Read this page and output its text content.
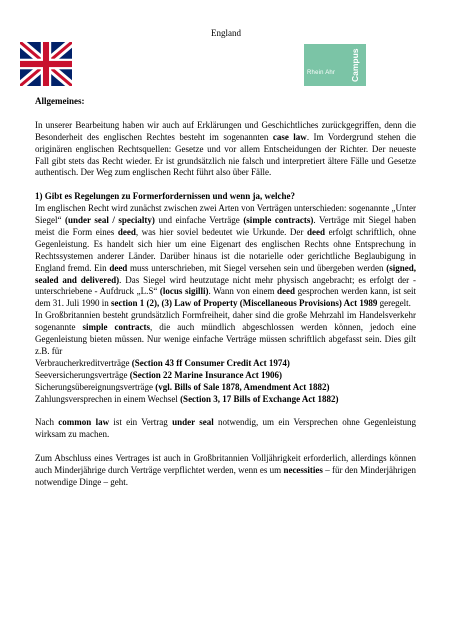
England
Rhein Ahr Campus

Allgemeines:

In unserer Bearbeitung haben wir auch auf Erklärungen und Geschichtliches zurückgegriffen, denn die Besonderheit des englischen Rechtes besteht im sogenannten case law. Im Vordergrund stehen die originären englischen Rechtsquellen: Gesetze und vor allem Entscheidungen der Richter. Der neueste Fall gibt stets das Recht wieder. Er ist grundsätzlich nie falsch und interpretiert ältere Fälle und Gesetze authentisch. Der Weg zum englischen Recht führt also über Fälle.

1) Gibt es Regelungen zu Formerfordernissen und wenn ja, welche?

Im englischen Recht wird zunächst zwischen zwei Arten von Verträgen unterschieden: sogenannte „Unter Siegel“ (under seal / specialty) und einfache Verträge (simple contracts). Verträge mit Siegel haben meist die Form eines deed, was hier soviel bedeutet wie Urkunde. Der deed erfolgt schriftlich, ohne Gegenleistung. Es handelt sich hier um eine Eigenart des englischen Rechts ohne Entsprechung in Rechtssystemen anderer Länder. Darüber hinaus ist die notarielle oder gerichtliche Beglaubigung in England fremd. Ein deed muss unterschrieben, mit Siegel versehen sein und übergeben werden (signed, sealed and delivered). Das Siegel wird heutzutage nicht mehr physisch angebracht; es erfolgt der - unterschriebene - Aufdruck „L.S“ (locus sigilli). Wann von einem deed gesprochen werden kann, ist seit dem 31. Juli 1990 in section 1 (2), (3) Law of Property (Miscellaneous Provisions) Act 1989 geregelt.

In Großbritannien besteht grundsätzlich Formfreiheit, daher sind die große Mehrzahl im Handelsverkehr sogenannte simple contracts, die auch mündlich abgeschlossen werden können, jedoch eine Gegenleistung bieten müssen. Nur wenige einfache Verträge müssen schriftlich abgefasst sein. Dies gilt z.B. für

Verbraucherkreditverträge (Section 43 ff Consumer Credit Act 1974)
Seeversicherungsverträge (Section 22 Marine Insurance Act 1906)
Sicherungsübereignungsverträge (vgl. Bills of Sale 1878, Amendment Act 1882)
Zahlungsversprechen in einem Wechsel (Section 3, 17 Bills of Exchange Act 1882)

Nach common law ist ein Vertrag under seal notwendig, um ein Versprechen ohne Gegenleistung wirksam zu machen.

Zum Abschluss eines Vertrages ist auch in Großbritannien Volljährigkeit erforderlich, allerdings können auch Minderjährige durch Verträge verpflichtet werden, wenn es um necessities – für den Minderjährigen notwendige Dinge – geht.
